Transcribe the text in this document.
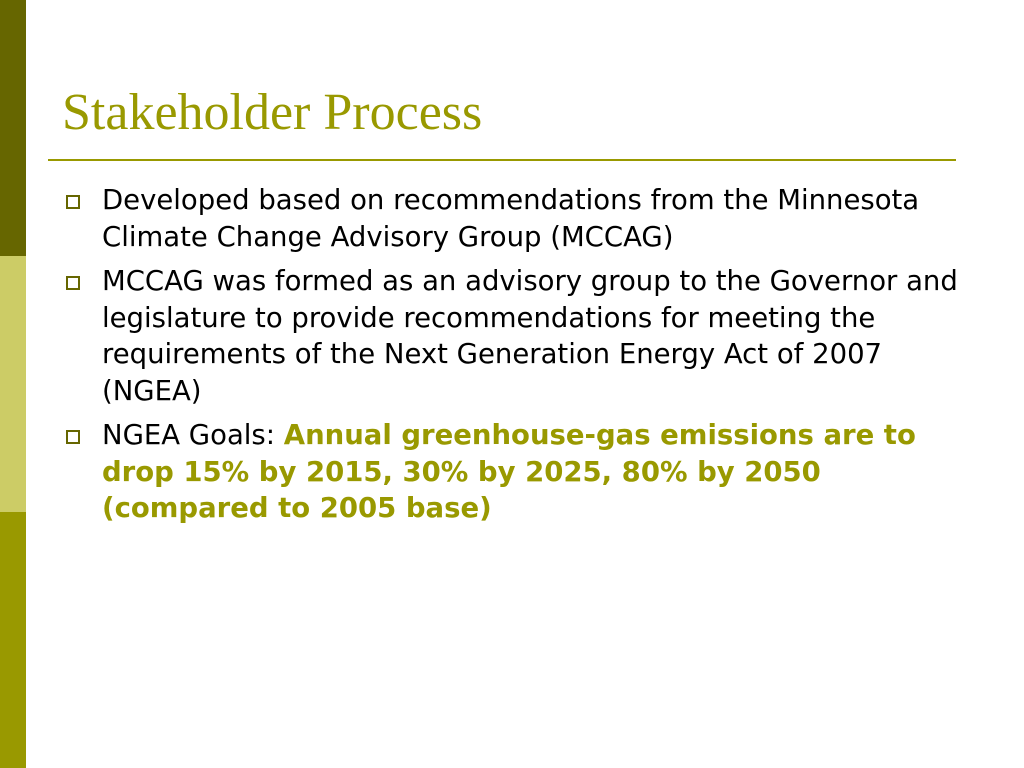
Stakeholder Process
Developed based on recommendations from the Minnesota Climate Change Advisory Group (MCCAG)
MCCAG was formed as an advisory group to the Governor and legislature to provide recommendations for meeting the requirements of the Next Generation Energy Act of 2007 (NGEA)
NGEA Goals: Annual greenhouse-gas emissions are to drop 15% by 2015, 30% by 2025, 80% by 2050 (compared to 2005 base)
